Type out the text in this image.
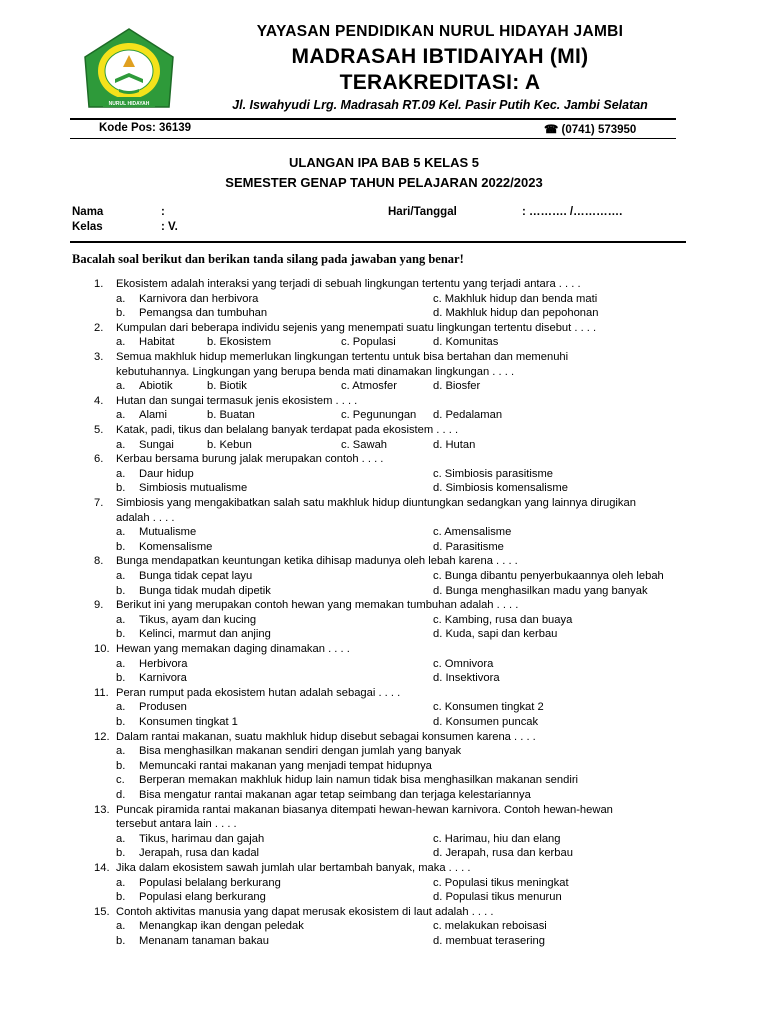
NURUL HIDAYAH
YAYASAN PENDIDIKAN NURUL HIDAYAH JAMBI
MADRASAH IBTIDAIYAH (MI)
TERAKREDITASI: A
Jl. Iswahyudi Lrg. Madrasah RT.09 Kel. Pasir Putih Kec. Jambi Selatan
Kode Pos: 36139	☎ (0741) 573950
ULANGAN IPA BAB 5 KELAS 5
SEMESTER GENAP TAHUN PELAJARAN 2022/2023
Nama	:	Hari/Tanggal	: ………. /………….
Kelas	: V.
Bacalah soal berikut dan berikan tanda silang pada jawaban yang benar!
1. Ekosistem adalah interaksi yang terjadi di sebuah lingkungan tertentu yang terjadi antara . . . .
a. Karnivora dan herbivora	c. Makhluk hidup dan benda mati
b. Pemangsa dan tumbuhan	d. Makhluk hidup dan pepohonan
2. Kumpulan dari beberapa individu sejenis yang menempati suatu lingkungan tertentu disebut . . . .
a. Habitat	b. Ekosistem	c. Populasi	d. Komunitas
3. Semua makhluk hidup memerlukan lingkungan tertentu untuk bisa bertahan dan memenuhi
kebutuhannya. Lingkungan yang berupa benda mati dinamakan lingkungan . . . .
a. Abiotik	b. Biotik	c. Atmosfer	d. Biosfer
4. Hutan dan sungai termasuk jenis ekosistem . . . .
a. Alami	b. Buatan	c. Pegunungan d. Pedalaman
5. Katak, padi, tikus dan belalang banyak terdapat pada ekosistem . . . .
a. Sungai	b. Kebun	c. Sawah	d. Hutan
6. Kerbau bersama burung jalak merupakan contoh . . . .
a. Daur hidup	c. Simbiosis parasitisme
b. Simbiosis mutualisme	d. Simbiosis komensalisme
7. Simbiosis yang mengakibatkan salah satu makhluk hidup diuntungkan sedangkan yang lainnya dirugikan
adalah . . . .
a. Mutualisme	c. Amensalisme
b. Komensalisme	d. Parasitisme
8. Bunga mendapatkan keuntungan ketika dihisap madunya oleh lebah karena . . . .
a. Bunga tidak cepat layu	c. Bunga dibantu penyerbukaannya oleh lebah
b. Bunga tidak mudah dipetik	d. Bunga menghasilkan madu yang banyak
9. Berikut ini yang merupakan contoh hewan yang memakan tumbuhan adalah . . . .
a. Tikus, ayam dan kucing	c. Kambing, rusa dan buaya
b. Kelinci, marmut dan anjing	d. Kuda, sapi dan kerbau
10. Hewan yang memakan daging dinamakan . . . .
a. Herbivora	c. Omnivora
b. Karnivora	d. Insektivora
11. Peran rumput pada ekosistem hutan adalah sebagai . . . .
a. Produsen	c. Konsumen tingkat 2
b. Konsumen tingkat 1	d. Konsumen puncak
12. Dalam rantai makanan, suatu makhluk hidup disebut sebagai konsumen karena . . . .
a. Bisa menghasilkan makanan sendiri dengan jumlah yang banyak
b. Memuncaki rantai makanan yang menjadi tempat hidupnya
c. Berperan memakan makhluk hidup lain namun tidak bisa menghasilkan makanan sendiri
d. Bisa mengatur rantai makanan agar tetap seimbang dan terjaga kelestariannya
13. Puncak piramida rantai makanan biasanya ditempati hewan-hewan karnivora. Contoh hewan-hewan
tersebut antara lain . . . .
a. Tikus, harimau dan gajah	c. Harimau, hiu dan elang
b. Jerapah, rusa dan kadal	d. Jerapah, rusa dan kerbau
14. Jika dalam ekosistem sawah jumlah ular bertambah banyak, maka . . . .
a. Populasi belalang berkurang	c. Populasi tikus meningkat
b. Populasi elang berkurang	d. Populasi tikus menurun
15. Contoh aktivitas manusia yang dapat merusak ekosistem di laut adalah . . . .
a. Menangkap ikan dengan peledak	c. melakukan reboisasi
b. Menanam tanaman bakau	d. membuat terasering
